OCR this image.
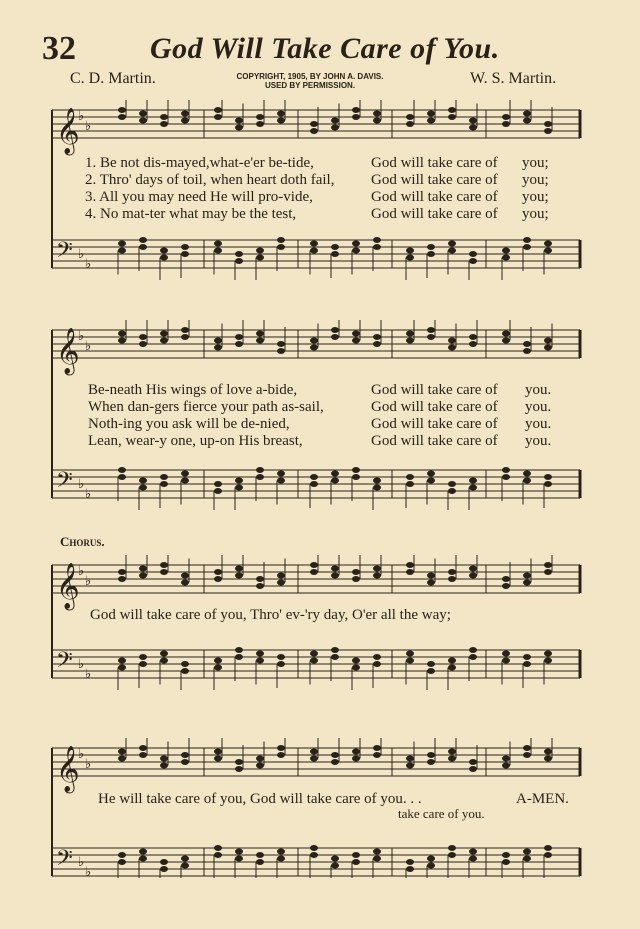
32 God Will Take Care of You.
C. D. Martin.	COPYRIGHT, 1905, BY JOHN A. DAVIS.
USED BY PERMISSION.	W. S. Martin.
𝄞
♭
♭
𝄢 ♭
♭
1. Be not dis-mayed,what-e'er be-tide,	God will take care of you;
2. Thro' days of toil, when heart doth fail, God will take care of you;
3. All you may need He will pro-vide,	God will take care of you;
4. No mat-ter what may be the test,	God will take care of you;
𝄞
♭
♭
𝄢 ♭
♭
Be-neath His wings of love a-bide,	God will take care of you.
When dan-gers fierce your path as-sail,	God will take care of you.
Noth-ing you ask will be de-nied,	God will take care of you.
Lean, wear-y one, up-on His breast,	God will take care of you.
Chorus.
𝄞
♭
♭
𝄢 ♭
♭
God will take care of you, Thro' ev-'ry day, O'er all the way;
𝄞
♭
♭
𝄢 ♭
♭
He will take care of you, God will take care of you. . .	A-MEN.
take care of you.
